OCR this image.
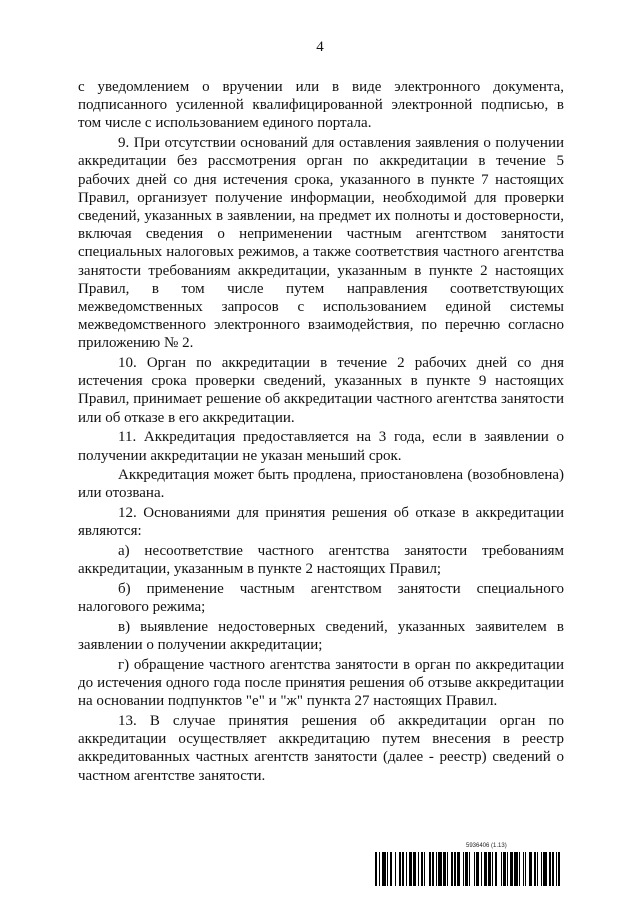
4

с уведомлением о вручении или в виде электронного документа, подписанного усиленной квалифицированной электронной подписью, в том числе с использованием единого портала.

9. При отсутствии оснований для оставления заявления о получении аккредитации без рассмотрения орган по аккредитации в течение 5 рабочих дней со дня истечения срока, указанного в пункте 7 настоящих Правил, организует получение информации, необходимой для проверки сведений, указанных в заявлении, на предмет их полноты и достоверности, включая сведения о неприменении частным агентством занятости специальных налоговых режимов, а также соответствия частного агентства занятости требованиям аккредитации, указанным в пункте 2 настоящих Правил, в том числе путем направления соответствующих межведомственных запросов с использованием единой системы межведомственного электронного взаимодействия, по перечню согласно приложению № 2.

10. Орган по аккредитации в течение 2 рабочих дней со дня истечения срока проверки сведений, указанных в пункте 9 настоящих Правил, принимает решение об аккредитации частного агентства занятости или об отказе в его аккредитации.

11. Аккредитация предоставляется на 3 года, если в заявлении о получении аккредитации не указан меньший срок.

Аккредитация может быть продлена, приостановлена (возобновлена) или отозвана.

12. Основаниями для принятия решения об отказе в аккредитации являются:

а) несоответствие частного агентства занятости требованиям аккредитации, указанным в пункте 2 настоящих Правил;

б) применение частным агентством занятости специального налогового режима;

в) выявление недостоверных сведений, указанных заявителем в заявлении о получении аккредитации;

г) обращение частного агентства занятости в орган по аккредитации до истечения одного года после принятия решения об отзыве аккредитации на основании подпунктов "е" и "ж" пункта 27 настоящих Правил.

13. В случае принятия решения об аккредитации орган по аккредитации осуществляет аккредитацию путем внесения в реестр аккредитованных частных агентств занятости (далее - реестр) сведений о частном агентстве занятости.

5936406 (1.13)
